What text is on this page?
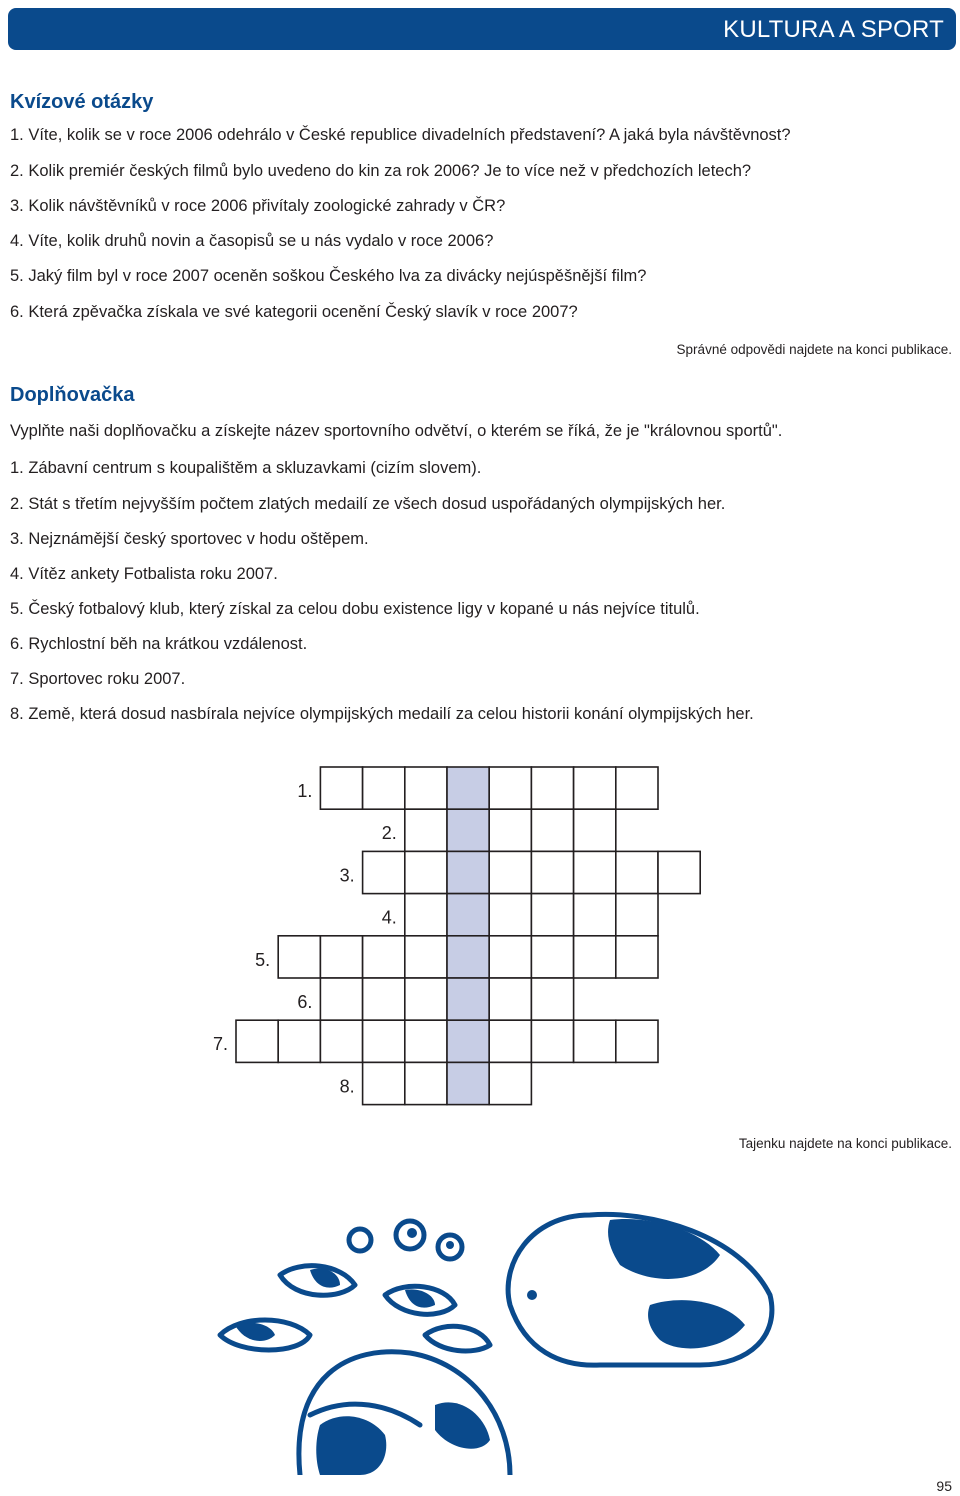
KULTURA A SPORT
Kvízové otázky

1. Víte, kolik se v roce 2006 odehrálo v České republice divadelních představení? A jaká byla návštěvnost?

2. Kolik premiér českých filmů bylo uvedeno do kin za rok 2006? Je to více než v předchozích letech?

3. Kolik návštěvníků v roce 2006 přivítaly zoologické zahrady v ČR?

4. Víte, kolik druhů novin a časopisů se u nás vydalo v roce 2006?

5. Jaký film byl v roce 2007 oceněn soškou Českého lva za divácky nejúspěšnější film?

6. Která zpěvačka získala ve své kategorii ocenění Český slavík v roce 2007?

Správné odpovědi najdete na konci publikace.

Doplňovačka

Vyplňte naši doplňovačku a získejte název sportovního odvětví, o kterém se říká, že je "královnou sportů".

1. Zábavní centrum s koupalištěm a skluzavkami (cizím slovem).

2. Stát s třetím nejvyšším počtem zlatých medailí ze všech dosud uspořádaných olympijských her.

3. Nejznámější český sportovec v hodu oštěpem.

4. Vítěz ankety Fotbalista roku 2007.

5. Český fotbalový klub, který získal za celou dobu existence ligy v kopané u nás nejvíce titulů.

6. Rychlostní běh na krátkou vzdálenost.

7. Sportovec roku 2007.

8. Země, která dosud nasbírala nejvíce olympijských medailí za celou historii konání olympijských her.

1.
2.
3.
4.
5.
6.
7.
8.

Tajenku najdete na konci publikace.

95
